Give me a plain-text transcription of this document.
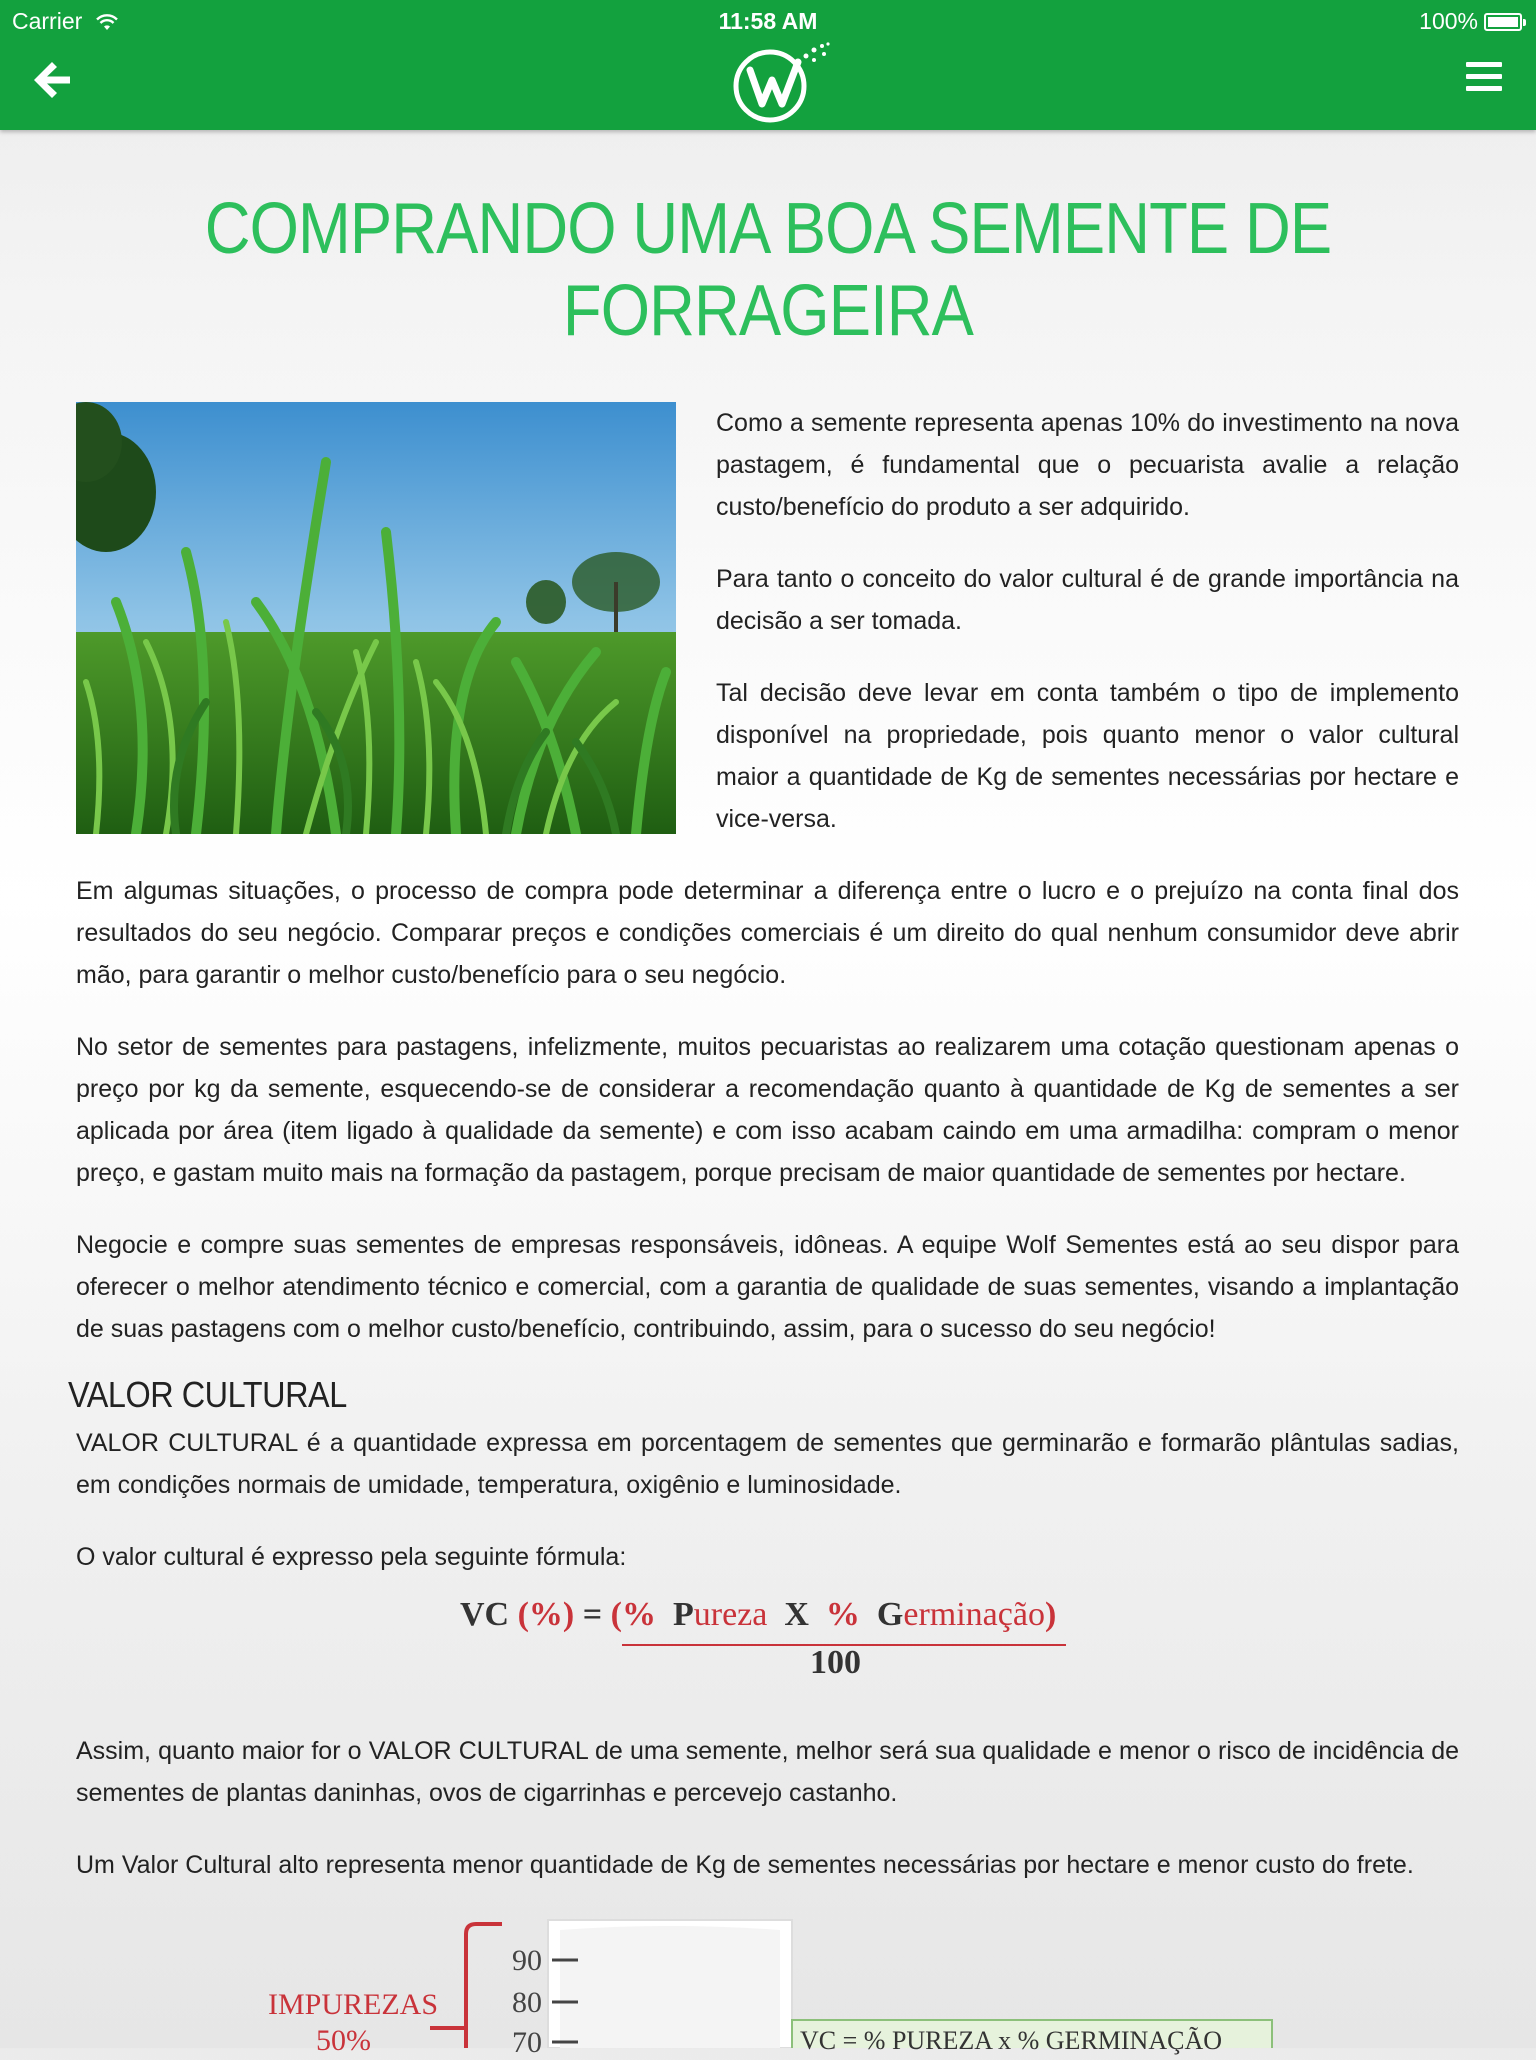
Carrier	11:58 AM	100%
COMPRANDO UMA BOA SEMENTE DE FORRAGEIRA

Como a semente representa apenas 10% do investimento na nova pastagem, é fundamental que o pecuarista avalie a relação custo/benefício do produto a ser adquirido.

Para tanto o conceito do valor cultural é de grande importância na decisão a ser tomada.

Tal decisão deve levar em conta também o tipo de implemento disponível na propriedade, pois quanto menor o valor cultural maior a quantidade de Kg de sementes necessárias por hectare e vice-versa.

Em algumas situações, o processo de compra pode determinar a diferença entre o lucro e o prejuízo na conta final dos resultados do seu negócio. Comparar preços e condições comerciais é um direito do qual nenhum consumidor deve abrir mão, para garantir o melhor custo/benefício para o seu negócio.

No setor de sementes para pastagens, infelizmente, muitos pecuaristas ao realizarem uma cotação questionam apenas o preço por kg da semente, esquecendo-se de considerar a recomendação quanto à quantidade de Kg de sementes a ser aplicada por área (item ligado à qualidade da semente) e com isso acabam caindo em uma armadilha: compram o menor preço, e gastam muito mais na formação da pastagem, porque precisam de maior quantidade de sementes por hectare.

Negocie e compre suas sementes de empresas responsáveis, idôneas. A equipe Wolf Sementes está ao seu dispor para oferecer o melhor atendimento técnico e comercial, com a garantia de qualidade de suas sementes, visando a implantação de suas pastagens com o melhor custo/benefício, contribuindo, assim, para o sucesso do seu negócio!

VALOR CULTURAL

VALOR CULTURAL é a quantidade expressa em porcentagem de sementes que germinarão e formarão plântulas sadias, em condições normais de umidade, temperatura, oxigênio e luminosidade.

O valor cultural é expresso pela seguinte fórmula:

VC (%) = (% Pureza X % Germinação)
100

Assim, quanto maior for o VALOR CULTURAL de uma semente, melhor será sua qualidade e menor o risco de incidência de sementes de plantas daninhas, ovos de cigarrinhas e percevejo castanho.

Um Valor Cultural alto representa menor quantidade de Kg de sementes necessárias por hectare e menor custo do frete.

90
80
70
IMPUREZAS
50%	VC = % PUREZA x % GERMINAÇÃO
